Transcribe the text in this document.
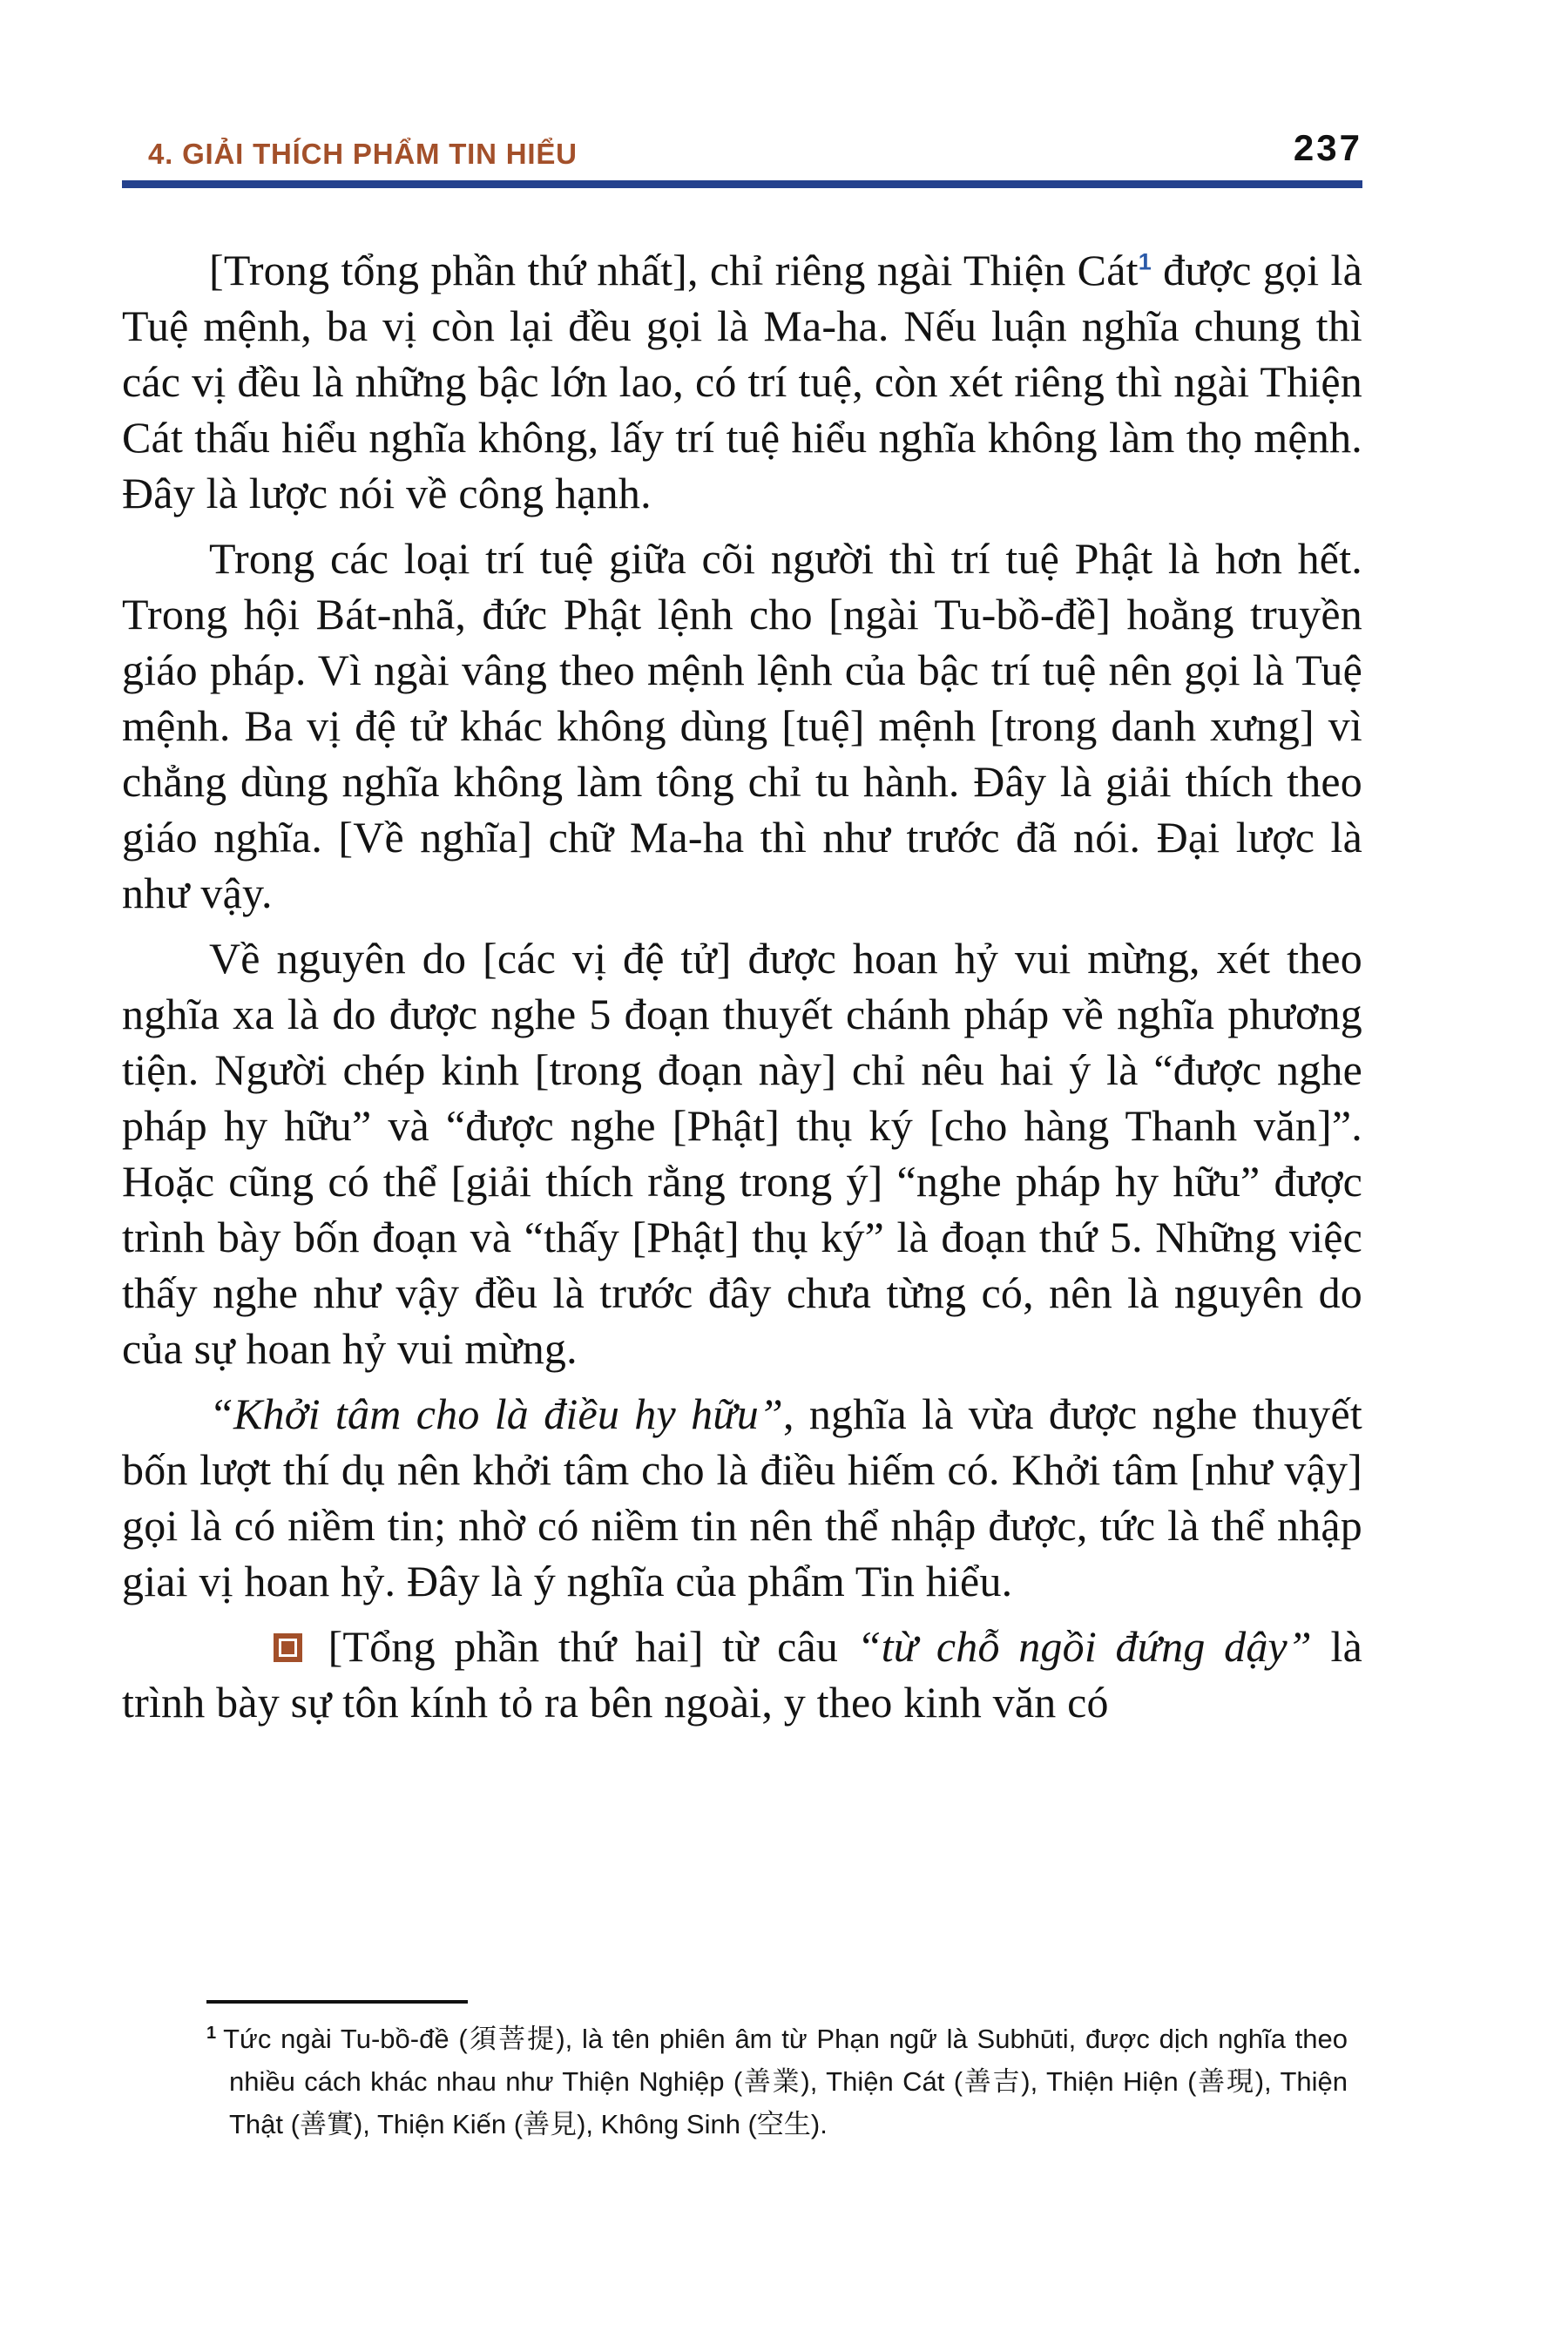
4. GIẢI THÍCH PHẨM TIN HIỂU	237

[Trong tổng phần thứ nhất], chỉ riêng ngài Thiện Cát$^1$ được gọi là Tuệ mệnh, ba vị còn lại đều gọi là Ma-ha. Nếu luận nghĩa chung thì các vị đều là những bậc lớn lao, có trí tuệ, còn xét riêng thì ngài Thiện Cát thấu hiểu nghĩa không, lấy trí tuệ hiểu nghĩa không làm thọ mệnh. Đây là lược nói về công hạnh.

Trong các loại trí tuệ giữa cõi người thì trí tuệ Phật là hơn hết. Trong hội Bát-nhã, đức Phật lệnh cho [ngài Tu-bồ-đề] hoằng truyền giáo pháp. Vì ngài vâng theo mệnh lệnh của bậc trí tuệ nên gọi là Tuệ mệnh. Ba vị đệ tử khác không dùng [tuệ] mệnh [trong danh xưng] vì chẳng dùng nghĩa không làm tông chỉ tu hành. Đây là giải thích theo giáo nghĩa. [Về nghĩa] chữ Ma-ha thì như trước đã nói. Đại lược là như vậy.

Về nguyên do [các vị đệ tử] được hoan hỷ vui mừng, xét theo nghĩa xa là do được nghe 5 đoạn thuyết chánh pháp về nghĩa phương tiện. Người chép kinh [trong đoạn này] chỉ nêu hai ý là “được nghe pháp hy hữu” và “được nghe [Phật] thụ ký [cho hàng Thanh văn]”. Hoặc cũng có thể [giải thích rằng trong ý] “nghe pháp hy hữu” được trình bày bốn đoạn và “thấy [Phật] thụ ký” là đoạn thứ 5. Những việc thấy nghe như vậy đều là trước đây chưa từng có, nên là nguyên do của sự hoan hỷ vui mừng.

“Khởi tâm cho là điều hy hữu”, nghĩa là vừa được nghe thuyết bốn lượt thí dụ nên khởi tâm cho là điều hiếm có. Khởi tâm [như vậy] gọi là có niềm tin; nhờ có niềm tin nên thể nhập được, tức là thể nhập giai vị hoan hỷ. Đây là ý nghĩa của phẩm Tin hiểu.

[Tổng phần thứ hai] từ câu “từ chỗ ngồi đứng dậy” là trình bày sự tôn kính tỏ ra bên ngoài, y theo kinh văn có

$^1$ Tức ngài Tu-bồ-đề (須菩提), là tên phiên âm từ Phạn ngữ là Subhūti, được dịch nghĩa theo nhiều cách khác nhau như Thiện Nghiệp (善業), Thiện Cát (善吉), Thiện Hiện (善現), Thiện Thật (善實), Thiện Kiến (善見), Không Sinh (空生).
